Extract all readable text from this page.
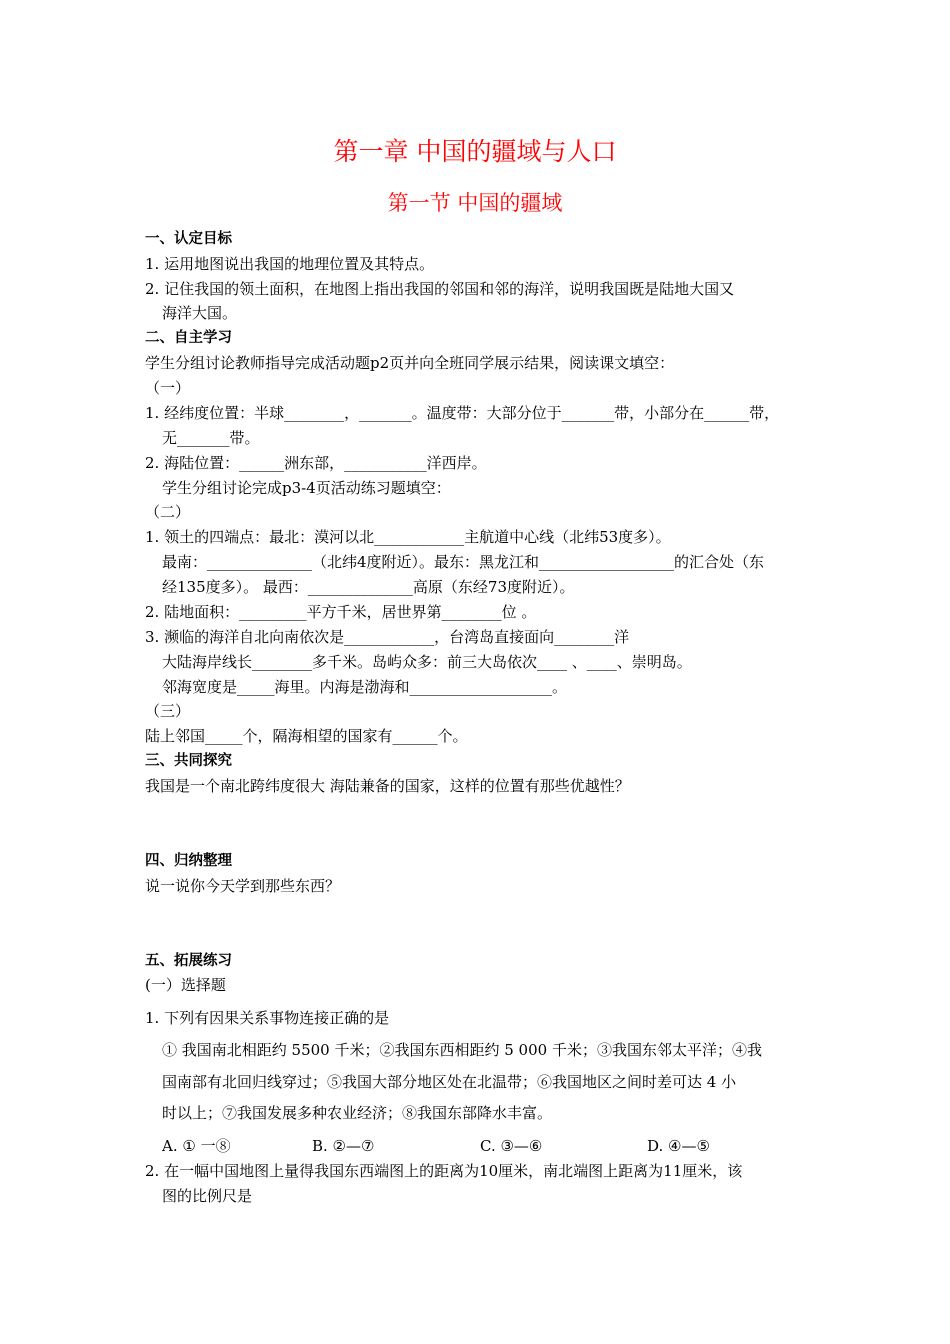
第一章 中国的疆域与人口
第一节 中国的疆域
一、认定目标
1. 运用地图说出我国的地理位置及其特点。
2. 记住我国的领土面积，在地图上指出我国的邻国和邻的海洋，说明我国既是陆地大国又
海洋大国。
二、自主学习
学生分组讨论教师指导完成活动题p2页并向全班同学展示结果，阅读课文填空：
（一）
1. 经纬度位置：半球________，_______。温度带：大部分位于_______带，小部分在______带，
无_______带。
2. 海陆位置：______洲东部，___________洋西岸。
学生分组讨论完成p3-4页活动练习题填空：
（二）
1. 领土的四端点：最北：漠河以北____________主航道中心线（北纬53度多）。
最南：______________（北纬4度附近）。最东：黑龙江和__________________的汇合处（东
经135度多）。 最西：______________高原（东经73度附近）。
2. 陆地面积：_________平方千米，居世界第________位 。
3. 濒临的海洋自北向南依次是____________，台湾岛直接面向________洋
大陆海岸线长________多千米。岛屿众多：前三大岛依次____ 、____、崇明岛。
邻海宽度是_____海里。内海是渤海和___________________。
（三）
陆上邻国_____个，隔海相望的国家有______个。
三、共同探究
我国是一个南北跨纬度很大 海陆兼备的国家，这样的位置有那些优越性？
四、归纳整理
说一说你今天学到那些东西？
五、拓展练习
(一）选择题
1. 下列有因果关系事物连接正确的是
① 我国南北相距约 5500 千米；②我国东西相距约 5 000 千米；③我国东邻太平洋；④我
国南部有北回归线穿过；⑤我国大部分地区处在北温带；⑥我国地区之间时差可达 4 小
时以上；⑦我国发展多种农业经济；⑧我国东部降水丰富。
A. ① 一⑧	B. ②—⑦	C. ③—⑥	D. ④—⑤
2. 在一幅中国地图上量得我国东西端图上的距离为10厘米，南北端图上距离为11厘米，该
图的比例尺是
